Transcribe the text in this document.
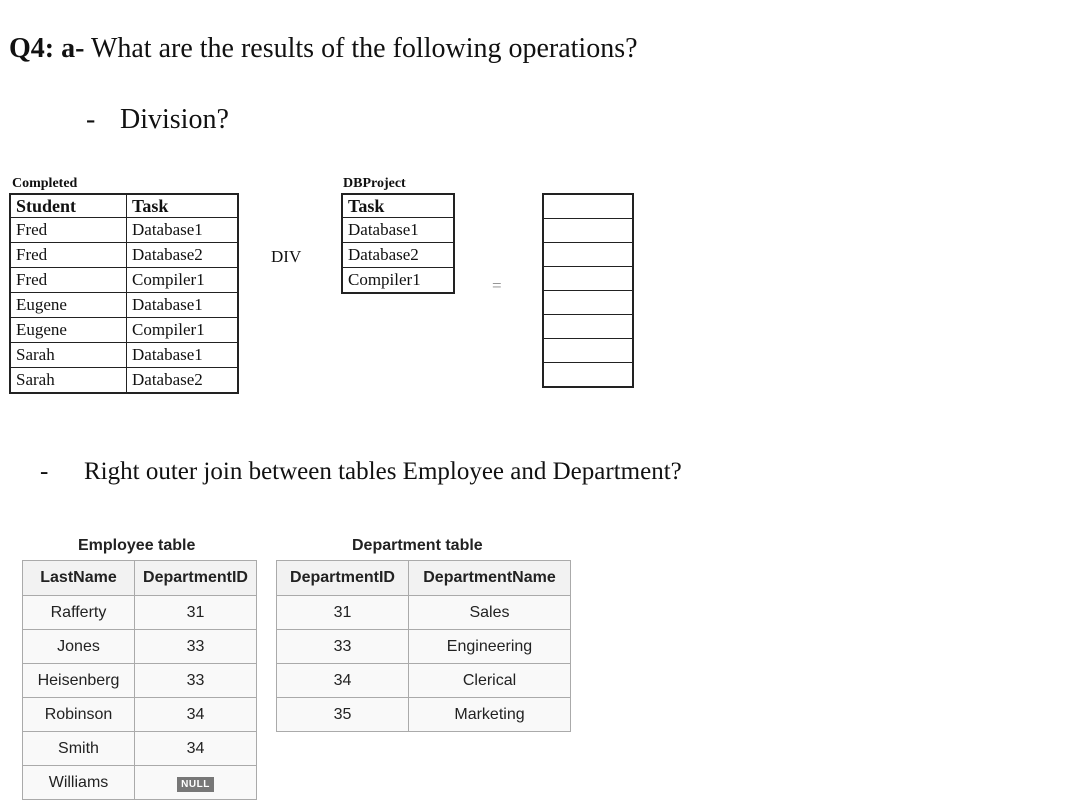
Q4: a- What are the results of the following operations?
- Division?
Completed
Student	Task
Fred	Database1
Fred	Database2
Fred	Compiler1
Eugene	Database1
Eugene	Compiler1
Sarah	Database1
Sarah	Database2
DIV
DBProject
Task
Database1
Database2
Compiler1	=

- Right outer join between tables Employee and Department?
Employee table
LastName	DepartmentID
Rafferty	31
Jones	33
Heisenberg	33
Robinson	34
Smith	34
Williams	NULL
Department table
DepartmentID	DepartmentName
31	Sales
33	Engineering
34	Clerical
35	Marketing
